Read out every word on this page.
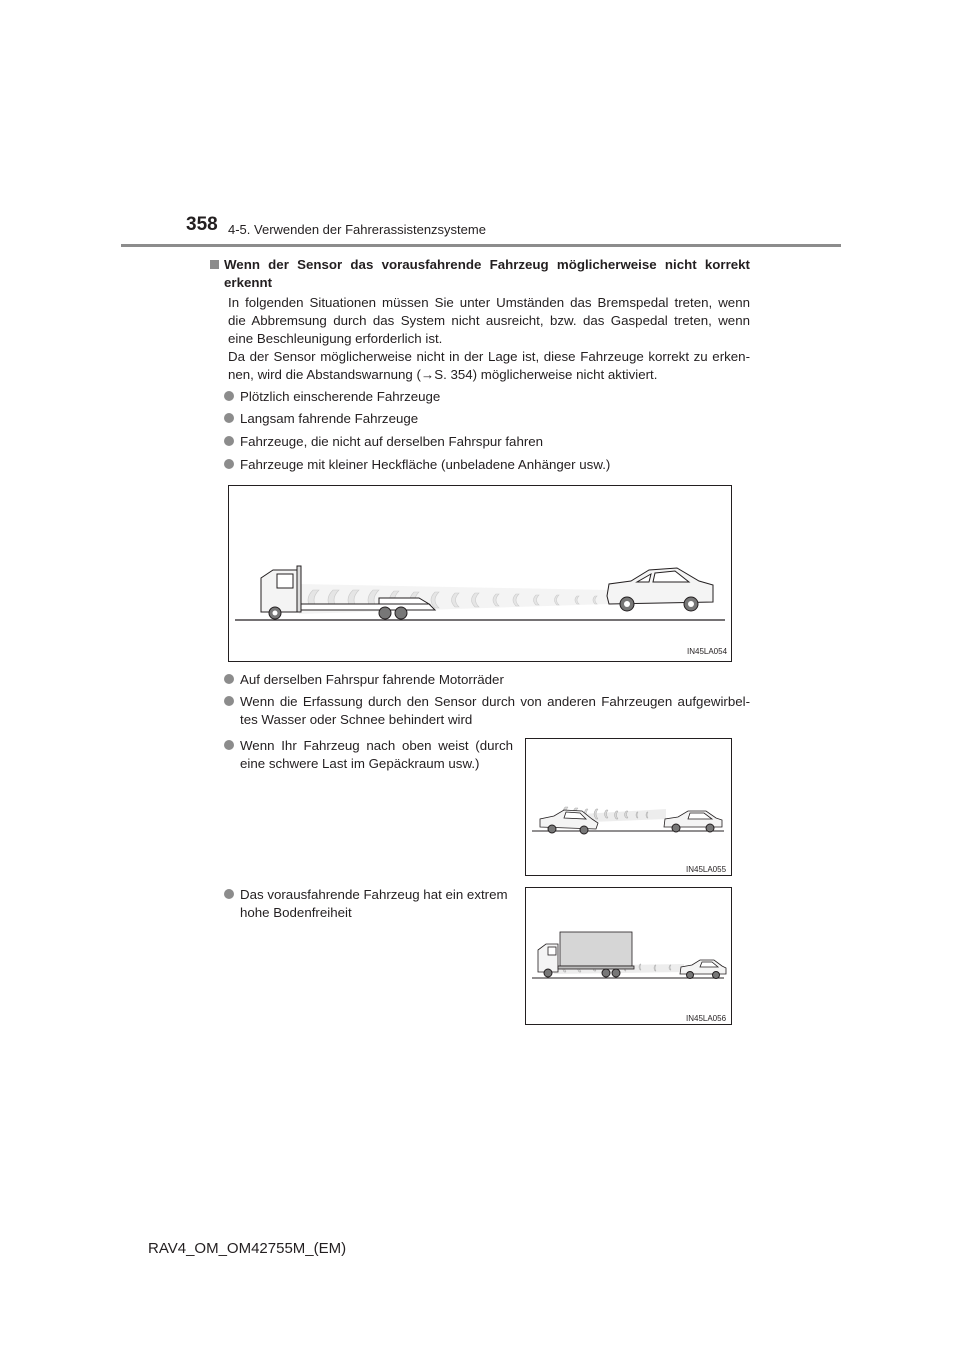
358 4-5. Verwenden der Fahrerassistenzsysteme
Wenn der Sensor das vorausfahrende Fahrzeug möglicherweise nicht korrekt
erkennt
In folgenden Situationen müssen Sie unter Umständen das Bremspedal treten, wenn
die Abbremsung durch das System nicht ausreicht, bzw. das Gaspedal treten, wenn
eine Beschleunigung erforderlich ist.
Da der Sensor möglicherweise nicht in der Lage ist, diese Fahrzeuge korrekt zu erken-
nen, wird die Abstandswarnung (→S. 354) möglicherweise nicht aktiviert.
Plötzlich einscherende Fahrzeuge
Langsam fahrende Fahrzeuge
Fahrzeuge, die nicht auf derselben Fahrspur fahren
Fahrzeuge mit kleiner Heckfläche (unbeladene Anhänger usw.)
IN45LA054
Auf derselben Fahrspur fahrende Motorräder
Wenn die Erfassung durch den Sensor durch von anderen Fahrzeugen aufgewirbel-
tes Wasser oder Schnee behindert wird
Wenn Ihr Fahrzeug nach oben weist (durch
eine schwere Last im Gepäckraum usw.)
IN45LA055
Das vorausfahrende Fahrzeug hat ein extrem
hohe Bodenfreiheit
IN45LA056
RAV4_OM_OM42755M_(EM)
